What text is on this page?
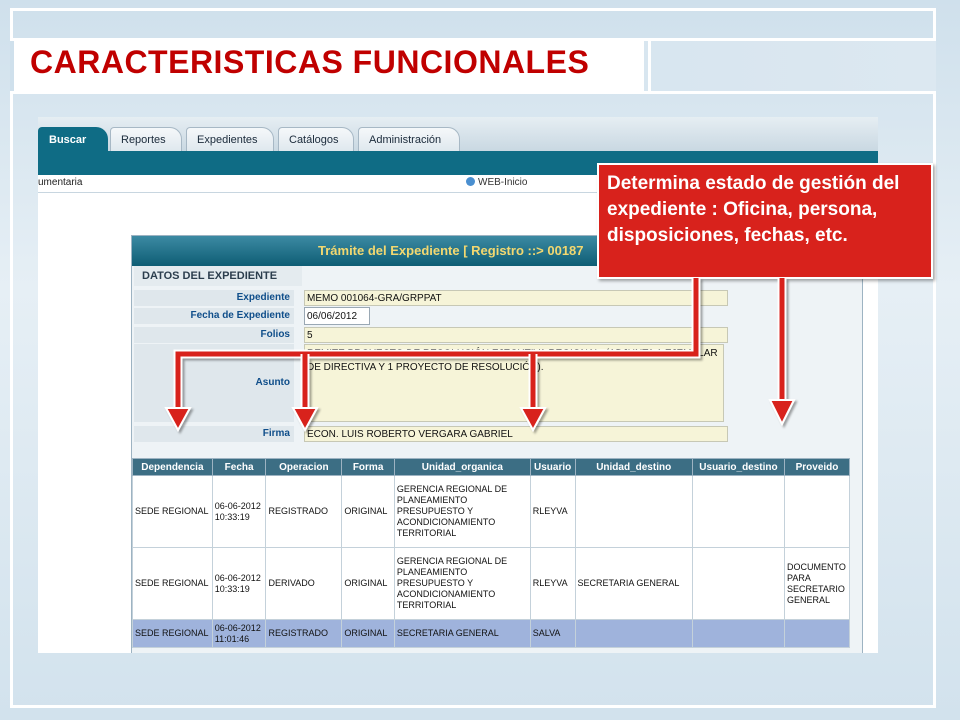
CARACTERISTICAS FUNCIONALES
Buscar	Reportes	Expedientes	Catálogos	Administración
umentaria	WEB-Inicio
Trámite del Expediente [ Registro ::> 00187
DATOS DEL EXPEDIENTE
Expediente	MEMO 001064-GRA/GRPPAT
Fecha de Expediente	06/06/2012
Folios	5
Asunto
REMITE PROYECTO DE RESOLUCIÓN EJECUTIVA REGIONAL. (ADJUNTA 1 EJEMPLAR DE DIRECTIVA Y 1 PROYECTO DE RESOLUCIÓN).
Firma	ECON. LUIS ROBERTO VERGARA GABRIEL
Dependencia	Fecha	Operacion	Forma	Unidad_organica	Usuario	Unidad_destino	Usuario_destino	Proveido
SEDE REGIONAL	06-06-2012 10:33:19	REGISTRADO	ORIGINAL	GERENCIA REGIONAL DE PLANEAMIENTO PRESUPUESTO Y ACONDICIONAMIENTO TERRITORIAL	RLEYVA			
SEDE REGIONAL	06-06-2012 10:33:19	DERIVADO	ORIGINAL	GERENCIA REGIONAL DE PLANEAMIENTO PRESUPUESTO Y ACONDICIONAMIENTO TERRITORIAL	RLEYVA	SECRETARIA GENERAL		DOCUMENTO PARA SECRETARIO GENERAL
SEDE REGIONAL	06-06-2012 11:01:46	REGISTRADO	ORIGINAL	SECRETARIA GENERAL	SALVA			
Determina estado de gestión del expediente : Oficina, persona, disposiciones, fechas, etc.
